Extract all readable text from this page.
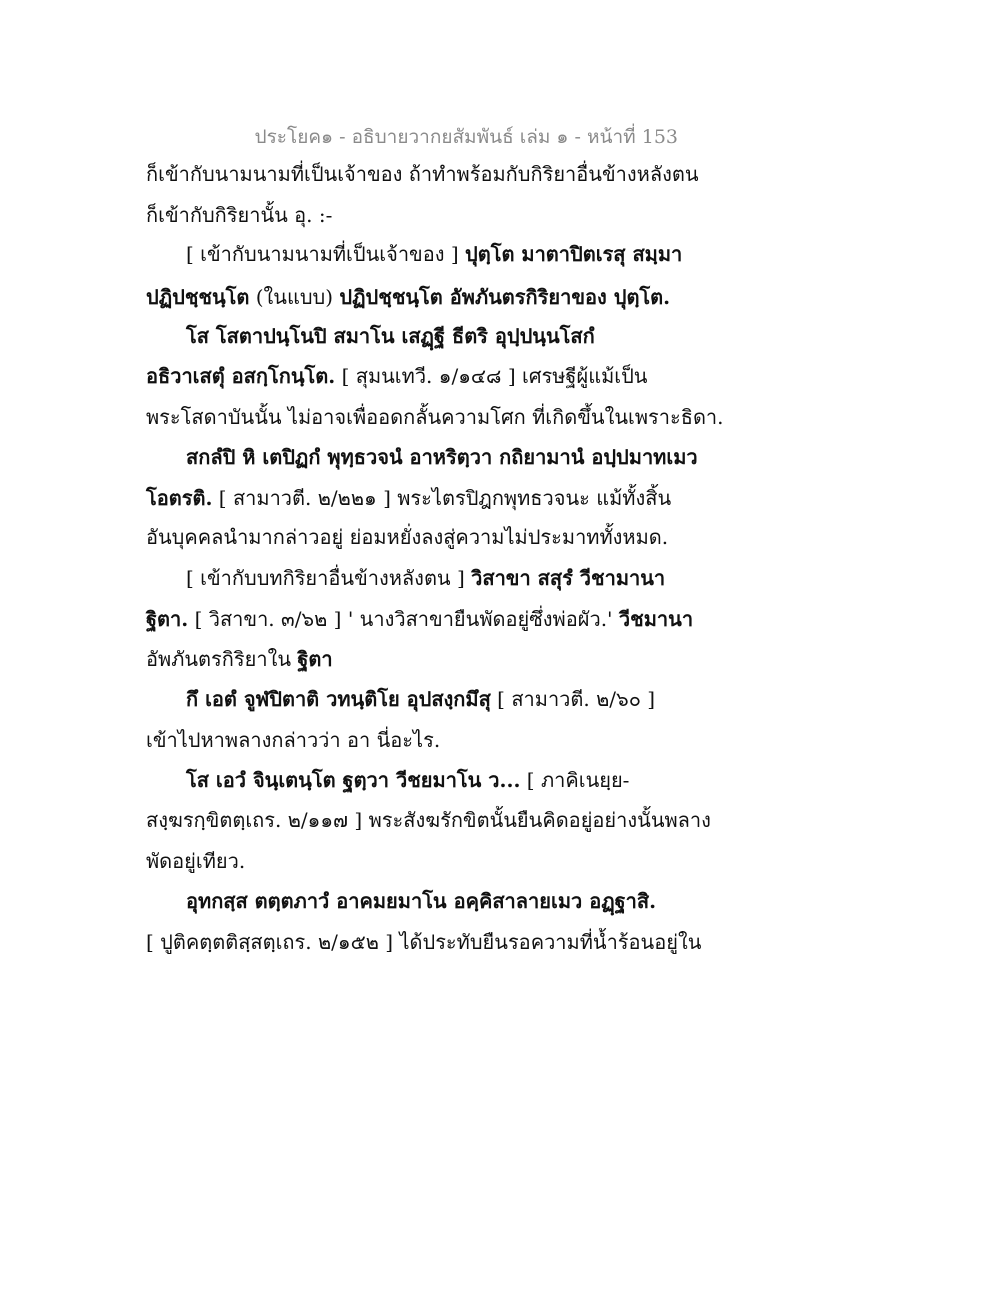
ประโยค๑ - อธิบายวากยสัมพันธ์ เล่ม ๑ - หน้าที่ 153
ก็เข้ากับนามนามที่เป็นเจ้าของ ถ้าทำพร้อมกับกิริยาอื่นข้างหลังตน
ก็เข้ากับกิริยานั้น อุ. :-
[ เข้ากับนามนามที่เป็นเจ้าของ ] ปุตฺโต มาตาปิตเรสุ สมฺมา
ปฏิปชฺชนฺโต (ในแบบ) ปฏิปชฺชนฺโต อัพภันตรกิริยาของ ปุตฺโต.
โส โสตาปนฺโนปิ สมาโน เสฏฺฐี ธีตริ อุปฺปนฺนโสกํ
อธิวาเสตุํ อสกฺโกนฺโต. [ สุมนเทวี. ๑/๑๔๘ ] เศรษฐีผู้แม้เป็น
พระโสดาบันนั้น ไม่อาจเพื่ออดกลั้นความโศก ที่เกิดขึ้นในเพราะธิดา.
สกลํปิ หิ เตปิฏกํ พุทฺธวจนํ อาหริตฺวา กถิยามานํ อปฺปมาทเมว
โอตรติ. [ สามาวตี. ๒/๒๒๑ ] พระไตรปิฎกพุทธวจนะ แม้ทั้งสิ้น
อันบุคคลนำมากล่าวอยู่ ย่อมหยั่งลงสู่ความไม่ประมาททั้งหมด.
[ เข้ากับบทกิริยาอื่นข้างหลังตน ] วิสาขา สสุรํ วีชามานา
ฐิตา. [ วิสาขา. ๓/๖๒ ] ' นางวิสาขายืนพัดอยู่ซึ่งพ่อผัว.' วีชมานา
อัพภันตรกิริยาใน ฐิตา
กึ เอตํ จูฬปิตาติ วทนฺติโย อุปสงฺกมึสุ [ สามาวตี. ๒/๖๐ ]
เข้าไปหาพลางกล่าวว่า อา นี่อะไร.
โส เอวํ จินฺเตนฺโต ฐตฺวา วีชยมาโน ว... [ ภาคิเนยฺย-
สงฺฆรกฺขิตตฺเถร. ๒/๑๑๗ ] พระสังฆรักขิตนั้นยืนคิดอยู่อย่างนั้นพลาง
พัดอยู่เทียว.
อุทกสฺส ตตฺตภาวํ อาคมยมาโน อคฺคิสาลายเมว อฏฺฐาสิ.
[ ปูติคตฺตติสฺสตฺเถร. ๒/๑๕๒ ] ได้ประทับยืนรอความที่น้ำร้อนอยู่ใน
